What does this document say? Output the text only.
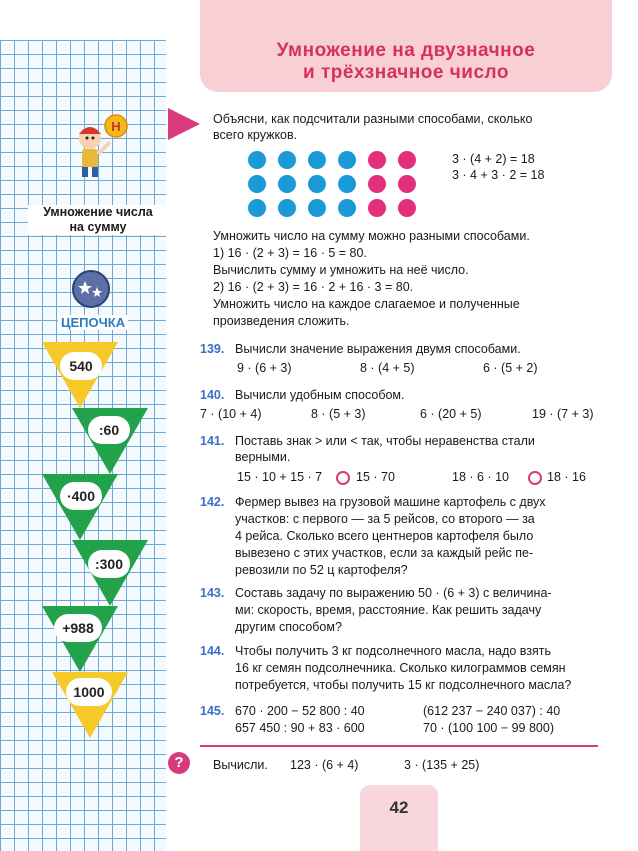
Умножение на двузначное
и трёхзначное число
Н
Умножение числа
на сумму
ЦЕПОЧКА
540
:60
·400
:300
+988
1000
Объясни, как подсчитали разными способами, сколько
всего кружков.
3 · (4 + 2) = 18
3 · 4 + 3 · 2 = 18
Умножить число на сумму можно разными способами.
1) 16 · (2 + 3) = 16 · 5 = 80.
Вычислить сумму и умножить на неё число.
2) 16 · (2 + 3) = 16 · 2 + 16 · 3 = 80.
Умножить число на каждое слагаемое и полученные
произведения сложить.
139. Вычисли значение выражения двумя способами.
9 · (6 + 3)	8 · (4 + 5)	6 · (5 + 2)
140. Вычисли удобным способом.
7 · (10 + 4)	8 · (5 + 3)	6 · (20 + 5)	19 · (7 + 3)
141. Поставь знак > или < так, чтобы неравенства стали
верными.
15 · 10 + 15 · 7	15 · 70	18 · 6 · 10	18 · 16
142. Фермер вывез на грузовой машине картофель с двух
участков: с первого — за 5 рейсов, со второго — за
4 рейса. Сколько всего центнеров картофеля было
вывезено с этих участков, если за каждый рейс пе-
ревозили по 52 ц картофеля?
143. Составь задачу по выражению 50 · (6 + 3) с величина-
ми: скорость, время, расстояние. Как решить задачу
другим способом?
144. Чтобы получить 3 кг подсолнечного масла, надо взять
16 кг семян подсолнечника. Сколько килограммов семян
потребуется, чтобы получить 15 кг подсолнечного масла?
145. 670 · 200 − 52 800 : 40	(612 237 − 240 037) : 40
657 450 : 90 + 83 · 600	70 · (100 100 − 99 800)
?	Вычисли. 123 · (6 + 4)	3 · (135 + 25)
42
